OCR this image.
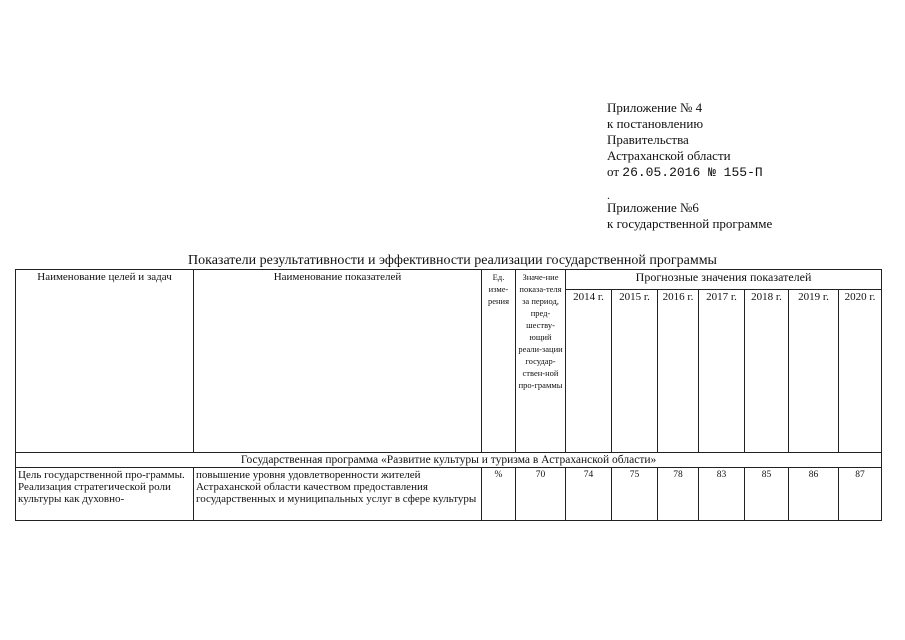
Приложение № 4
к постановлению
Правительства
Астраханской области
от 26.05.2016 № 155-П
.
Приложение №6
к государственной программе
Показатели результативности и эффективности реализации государственной программы
Наименование целей и задач	Наименование показателей	Ед. изме-рения	Значе-ние показа-теля за период, пред-шеству-ющий реали-зации государ-ствен-ной про-граммы	Прогнозные значения показателей						
				2014 г.	2015 г.	2016 г.	2017 г.	2018 г.	2019 г.	2020 г.
Государственная программа «Развитие культуры и туризма в Астраханской области»										
Цель государственной про-граммы. Реализация стратегической роли культуры как духовно-	повышение уровня удовлетворенности жителей Астраханской области качеством предоставления государственных и муниципальных услуг в сфере культуры	%	70	74	75	78	83	85	86	87
